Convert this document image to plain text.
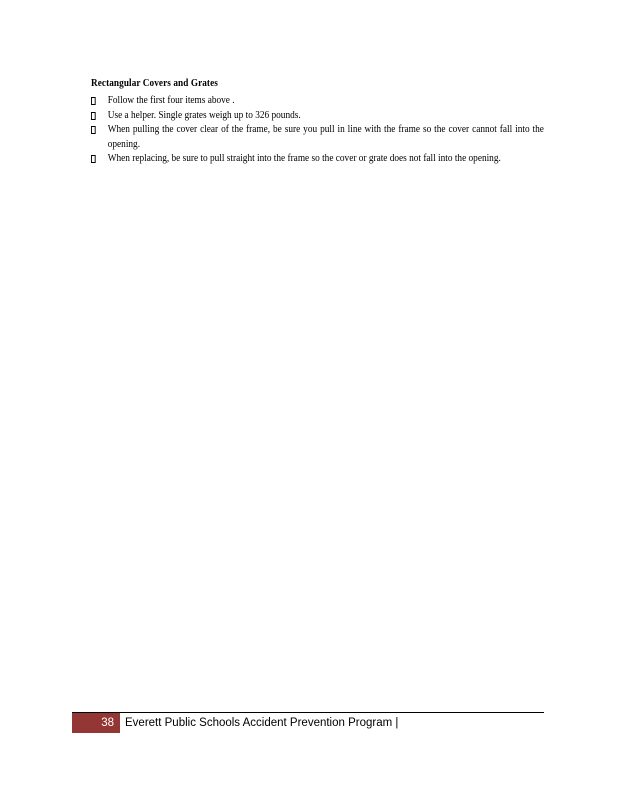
Rectangular Covers and Grates
Follow the first four items above .
Use a helper. Single grates weigh up to 326 pounds.
When pulling the cover clear of the frame, be sure you pull in line with the frame so the cover cannot fall into the opening.
When replacing, be sure to pull straight into the frame so the cover or grate does not fall into the opening.
38 Everett Public Schools Accident Prevention Program |
